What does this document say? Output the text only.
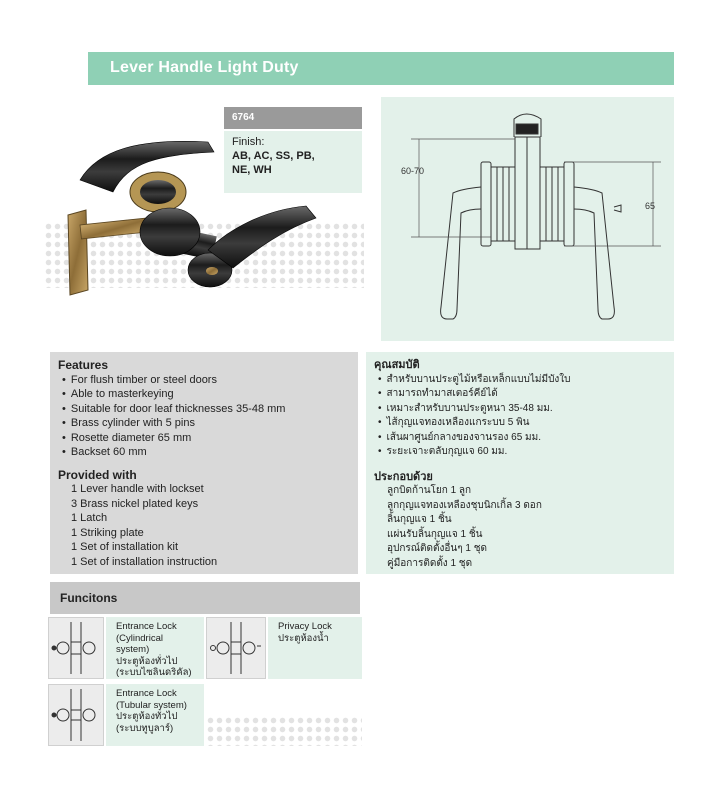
Lever Handle Light Duty
6764
Finish:
AB, AC, SS, PB,
NE, WH	60-70
65
Features
• For flush timber or steel doors
• Able to masterkeying
• Suitable for door leaf thicknesses 35-48 mm
• Brass cylinder with 5 pins
• Rosette diameter 65 mm
• Backset 60 mm
Provided with
1 Lever handle with lockset
3 Brass nickel plated keys
1 Latch
1 Striking plate
1 Set of installation kit
1 Set of installation instruction
คุณสมบัติ
• สำหรับบานประตูไม้หรือเหล็กแบบไม่มีบังใบ
• สามารถทำมาสเตอร์คีย์ได้
• เหมาะสำหรับบานประตูหนา 35-48 มม.
• ไส้กุญแจทองเหลืองแกระบบ 5 พิน
• เส้นผาศูนย์กลางของจานรอง 65 มม.
• ระยะเจาะตลับกุญแจ 60 มม.
ประกอบด้วย
ลูกบิดก้านโยก 1 ลูก
ลูกกุญแจทองเหลืองชุบนิกเกิ้ล 3 ดอก
ลิ้นกุญแจ 1 ชิ้น
แผ่นรับลิ้นกุญแจ 1 ชิ้น
อุปกรณ์ติดตั้งอื่นๆ 1 ชุด
คู่มือการติดตั้ง 1 ชุด
Funcitons
Entrance Lock
(Cylindrical system)
ประตูห้องทั่วไป
(ระบบไซลินดริคัล)
Privacy Lock
ประตูห้องน้ำ
Entrance Lock
(Tubular system)
ประตูห้องทั่วไป
(ระบบทูบูลาร์)
